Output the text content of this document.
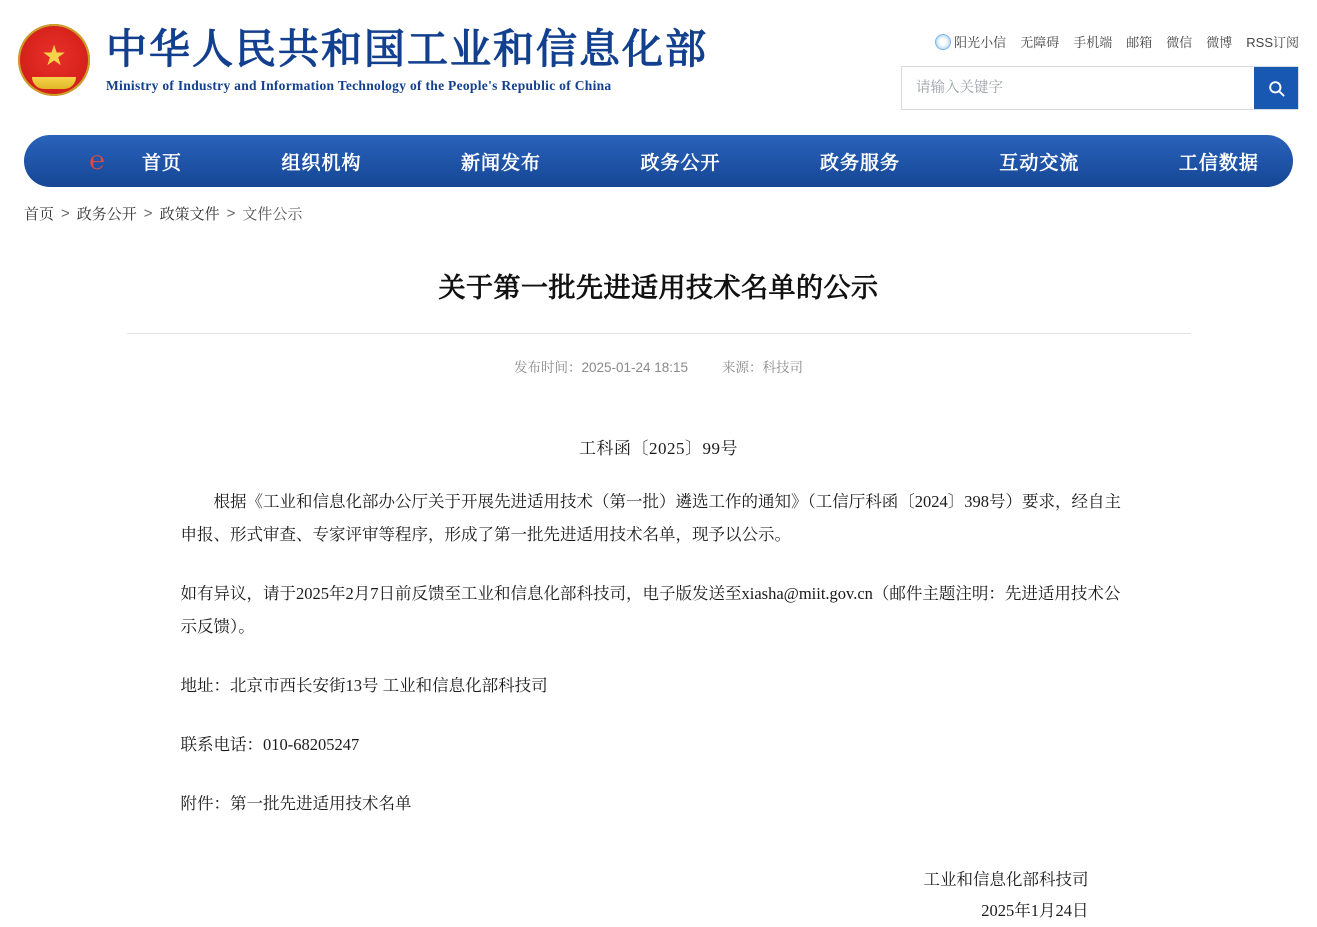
★ 中华人民共和国工业和信息化部
Ministry of Industry and Information Technology of the People's Republic of China
阳光小信 无障碍 手机端 邮箱 微信 微博 RSS订阅
请输入关键字
℮	首页	组织机构	新闻发布	政务公开	政务服务	互动交流	工信数据
首页 > 政务公开 > 政策文件 > 文件公示
关于第一批先进适用技术名单的公示
发布时间：2025-01-24 18:15	来源：科技司
工科函〔2025〕99号

根据《工业和信息化部办公厅关于开展先进适用技术（第一批）遴选工作的通知》（工信厅科函〔2024〕398号）要求，经自主申报、形式审查、专家评审等程序，形成了第一批先进适用技术名单，现予以公示。

如有异议，请于2025年2月7日前反馈至工业和信息化部科技司，电子版发送至xiasha@miit.gov.cn（邮件主题注明：先进适用技术公示反馈）。

地址：北京市西长安街13号 工业和信息化部科技司

联系电话：010-68205247

附件：第一批先进适用技术名单

工业和信息化部科技司
2025年1月24日
